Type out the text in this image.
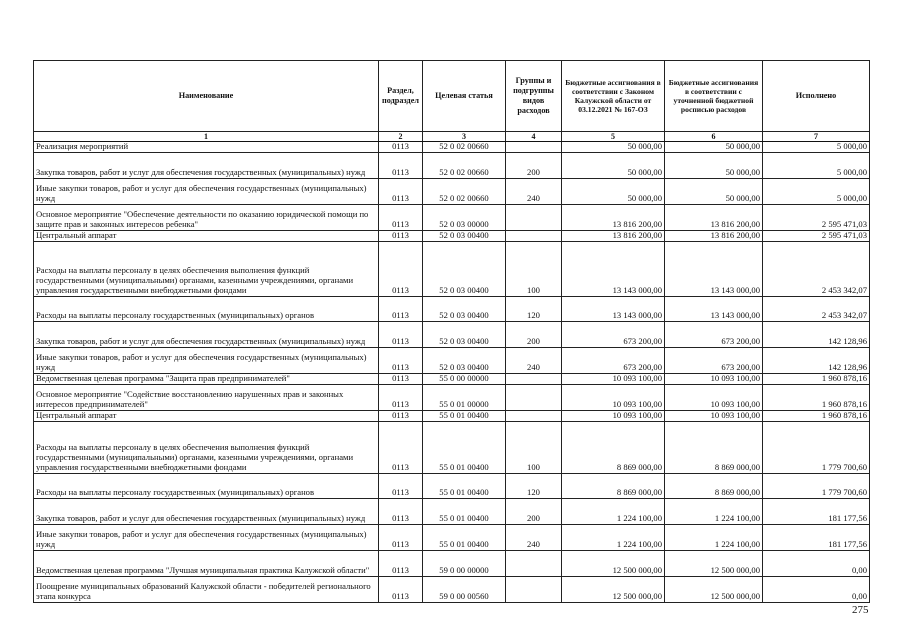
Наименование	Раздел, подраздел	Целевая статья	Группы и подгруппы видов расходов	Бюджетные ассигнования в соответствии с Законом Калужской области от 03.12.2021 № 167-ОЗ	Бюджетные ассигнования в соответствии с уточненной бюджетной росписью расходов	Исполнено
1	2	3	4	5	6	7
Реализация мероприятий	0113	52 0 02 00660		50 000,00	50 000,00	5 000,00
Закупка товаров, работ и услуг для обеспечения государственных (муниципальных) нужд	0113	52 0 02 00660	200	50 000,00	50 000,00	5 000,00
Иные закупки товаров, работ и услуг для обеспечения государственных (муниципальных) нужд	0113	52 0 02 00660	240	50 000,00	50 000,00	5 000,00
Основное мероприятие "Обеспечение деятельности по оказанию юридической помощи по защите прав и законных интересов ребенка"	0113	52 0 03 00000		13 816 200,00	13 816 200,00	2 595 471,03
Центральный аппарат	0113	52 0 03 00400		13 816 200,00	13 816 200,00	2 595 471,03
Расходы на выплаты персоналу в целях обеспечения выполнения функций государственными (муниципальными) органами, казенными учреждениями, органами управления государственными внебюджетными фондами	0113	52 0 03 00400	100	13 143 000,00	13 143 000,00	2 453 342,07
Расходы на выплаты персоналу государственных (муниципальных) органов	0113	52 0 03 00400	120	13 143 000,00	13 143 000,00	2 453 342,07
Закупка товаров, работ и услуг для обеспечения государственных (муниципальных) нужд	0113	52 0 03 00400	200	673 200,00	673 200,00	142 128,96
Иные закупки товаров, работ и услуг для обеспечения государственных (муниципальных) нужд	0113	52 0 03 00400	240	673 200,00	673 200,00	142 128,96
Ведомственная целевая программа "Защита прав предпринимателей"	0113	55 0 00 00000		10 093 100,00	10 093 100,00	1 960 878,16
Основное мероприятие "Содействие восстановлению нарушенных прав и законных интересов предпринимателей"	0113	55 0 01 00000		10 093 100,00	10 093 100,00	1 960 878,16
Центральный аппарат	0113	55 0 01 00400		10 093 100,00	10 093 100,00	1 960 878,16
Расходы на выплаты персоналу в целях обеспечения выполнения функций государственными (муниципальными) органами, казенными учреждениями, органами управления государственными внебюджетными фондами	0113	55 0 01 00400	100	8 869 000,00	8 869 000,00	1 779 700,60
Расходы на выплаты персоналу государственных (муниципальных) органов	0113	55 0 01 00400	120	8 869 000,00	8 869 000,00	1 779 700,60
Закупка товаров, работ и услуг для обеспечения государственных (муниципальных) нужд	0113	55 0 01 00400	200	1 224 100,00	1 224 100,00	181 177,56
Иные закупки товаров, работ и услуг для обеспечения государственных (муниципальных) нужд	0113	55 0 01 00400	240	1 224 100,00	1 224 100,00	181 177,56
Ведомственная целевая программа "Лучшая муниципальная практика Калужской области"	0113	59 0 00 00000		12 500 000,00	12 500 000,00	0,00
Поощрение муниципальных образований Калужской области - победителей регионального этапа конкурса	0113	59 0 00 00560		12 500 000,00	12 500 000,00	0,00
275
